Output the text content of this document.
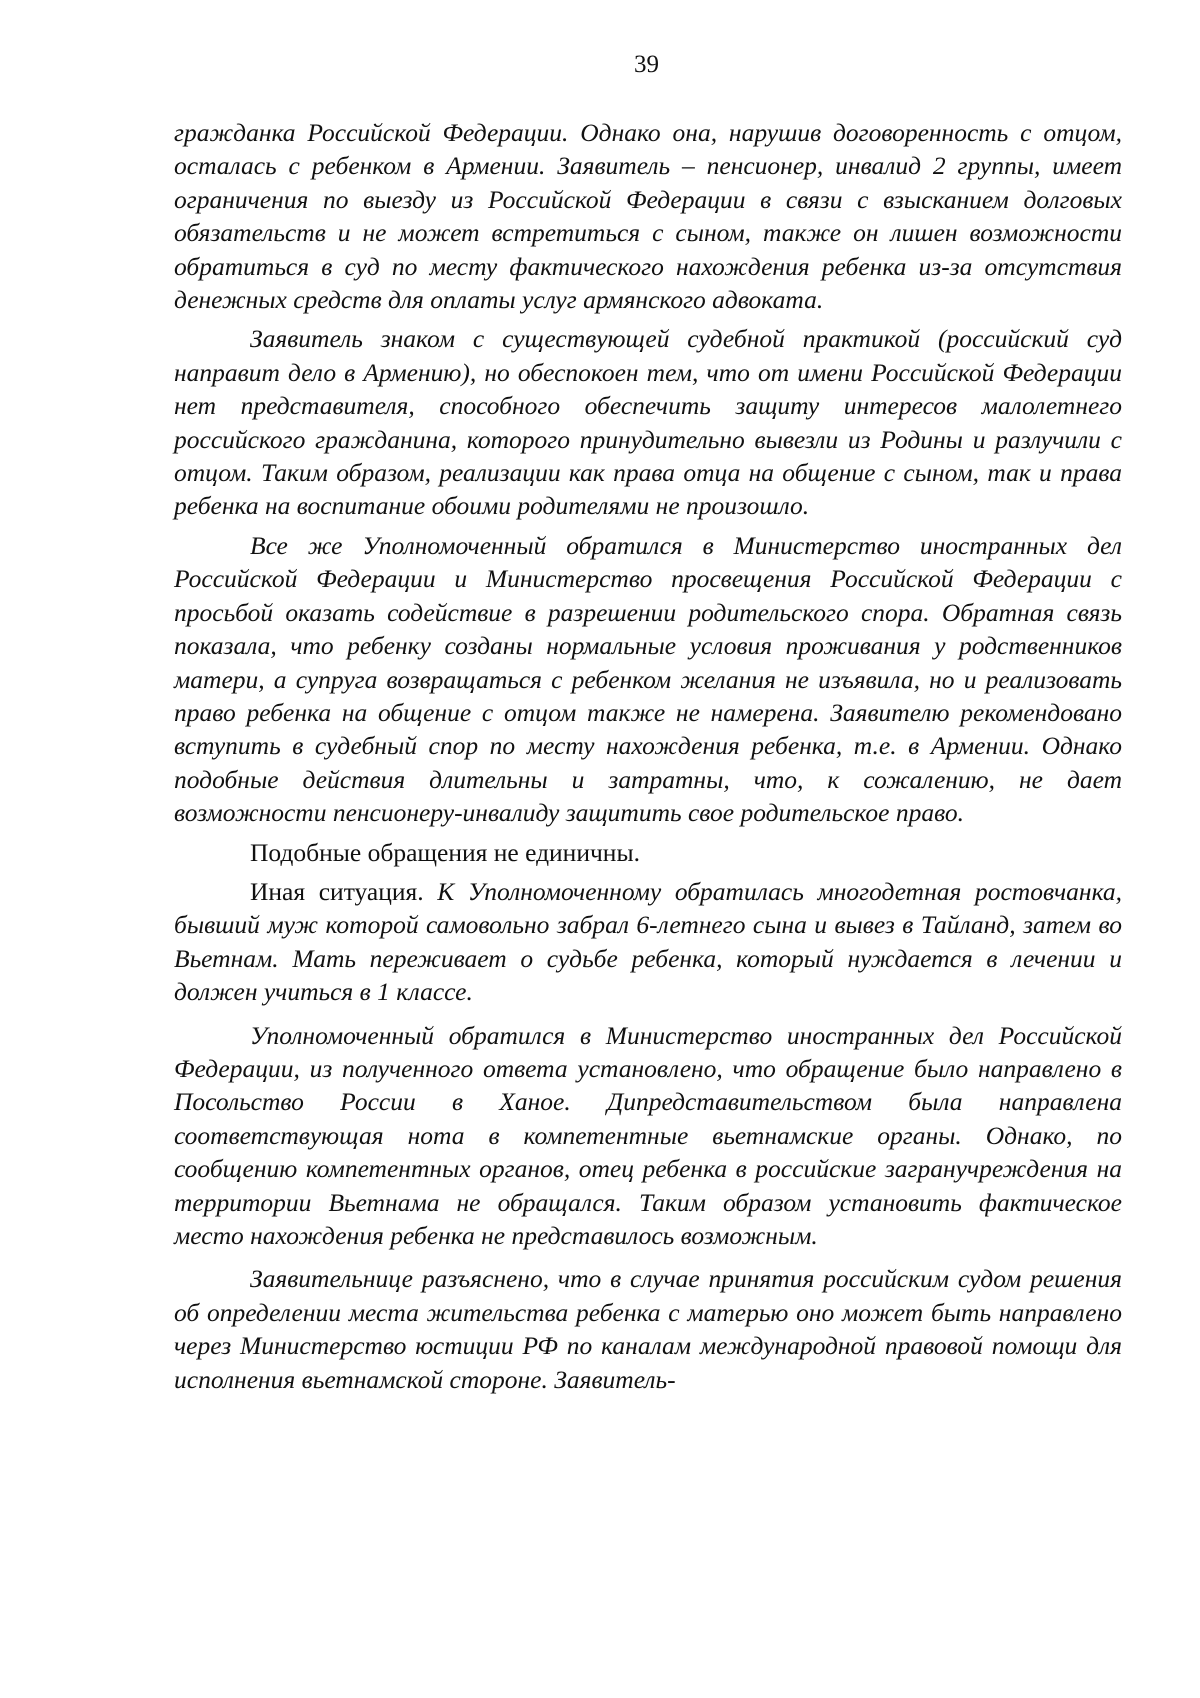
39

гражданка Российской Федерации. Однако она, нарушив договоренность с отцом, осталась с ребенком в Армении. Заявитель – пенсионер, инвалид 2 группы, имеет ограничения по выезду из Российской Федерации в связи с взысканием долговых обязательств и не может встретиться с сыном, также он лишен возможности обратиться в суд по месту фактического нахождения ребенка из-за отсутствия денежных средств для оплаты услуг армянского адвоката.

Заявитель знаком с существующей судебной практикой (российский суд направит дело в Армению), но обеспокоен тем, что от имени Российской Федерации нет представителя, способного обеспечить защиту интересов малолетнего российского гражданина, которого принудительно вывезли из Родины и разлучили с отцом. Таким образом, реализации как права отца на общение с сыном, так и права ребенка на воспитание обоими родителями не произошло.

Все же Уполномоченный обратился в Министерство иностранных дел Российской Федерации и Министерство просвещения Российской Федерации с просьбой оказать содействие в разрешении родительского спора. Обратная связь показала, что ребенку созданы нормальные условия проживания у родственников матери, а супруга возвращаться с ребенком желания не изъявила, но и реализовать право ребенка на общение с отцом также не намерена. Заявителю рекомендовано вступить в судебный спор по месту нахождения ребенка, т.е. в Армении. Однако подобные действия длительны и затратны, что, к сожалению, не дает возможности пенсионеру-инвалиду защитить свое родительское право.

Подобные обращения не единичны.

Иная ситуация. К Уполномоченному обратилась многодетная ростовчанка, бывший муж которой самовольно забрал 6-летнего сына и вывез в Тайланд, затем во Вьетнам. Мать переживает о судьбе ребенка, который нуждается в лечении и должен учиться в 1 классе.

Уполномоченный обратился в Министерство иностранных дел Российской Федерации, из полученного ответа установлено, что обращение было направлено в Посольство России в Ханое. Дипредставительством была направлена соответствующая нота в компетентные вьетнамские органы. Однако, по сообщению компетентных органов, отец ребенка в российские загранучреждения на территории Вьетнама не обращался. Таким образом установить фактическое место нахождения ребенка не представилось возможным.

Заявительнице разъяснено, что в случае принятия российским судом решения об определении места жительства ребенка с матерью оно может быть направлено через Министерство юстиции РФ по каналам международной правовой помощи для исполнения вьетнамской стороне. Заявитель-
